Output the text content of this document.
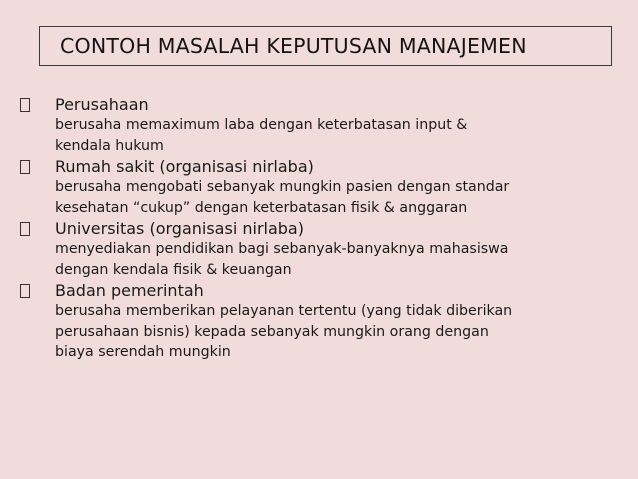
CONTOH MASALAH KEPUTUSAN MANAJEMEN
Perusahaan
berusaha memaximum laba dengan keterbatasan input &
kendala hukum
Rumah sakit (organisasi nirlaba)
berusaha mengobati sebanyak mungkin pasien dengan standar
kesehatan “cukup” dengan keterbatasan fisik & anggaran
Universitas (organisasi nirlaba)
menyediakan pendidikan bagi sebanyak-banyaknya mahasiswa
dengan kendala fisik & keuangan
Badan pemerintah
berusaha memberikan pelayanan tertentu (yang tidak diberikan
perusahaan bisnis) kepada sebanyak mungkin orang dengan
biaya serendah mungkin
